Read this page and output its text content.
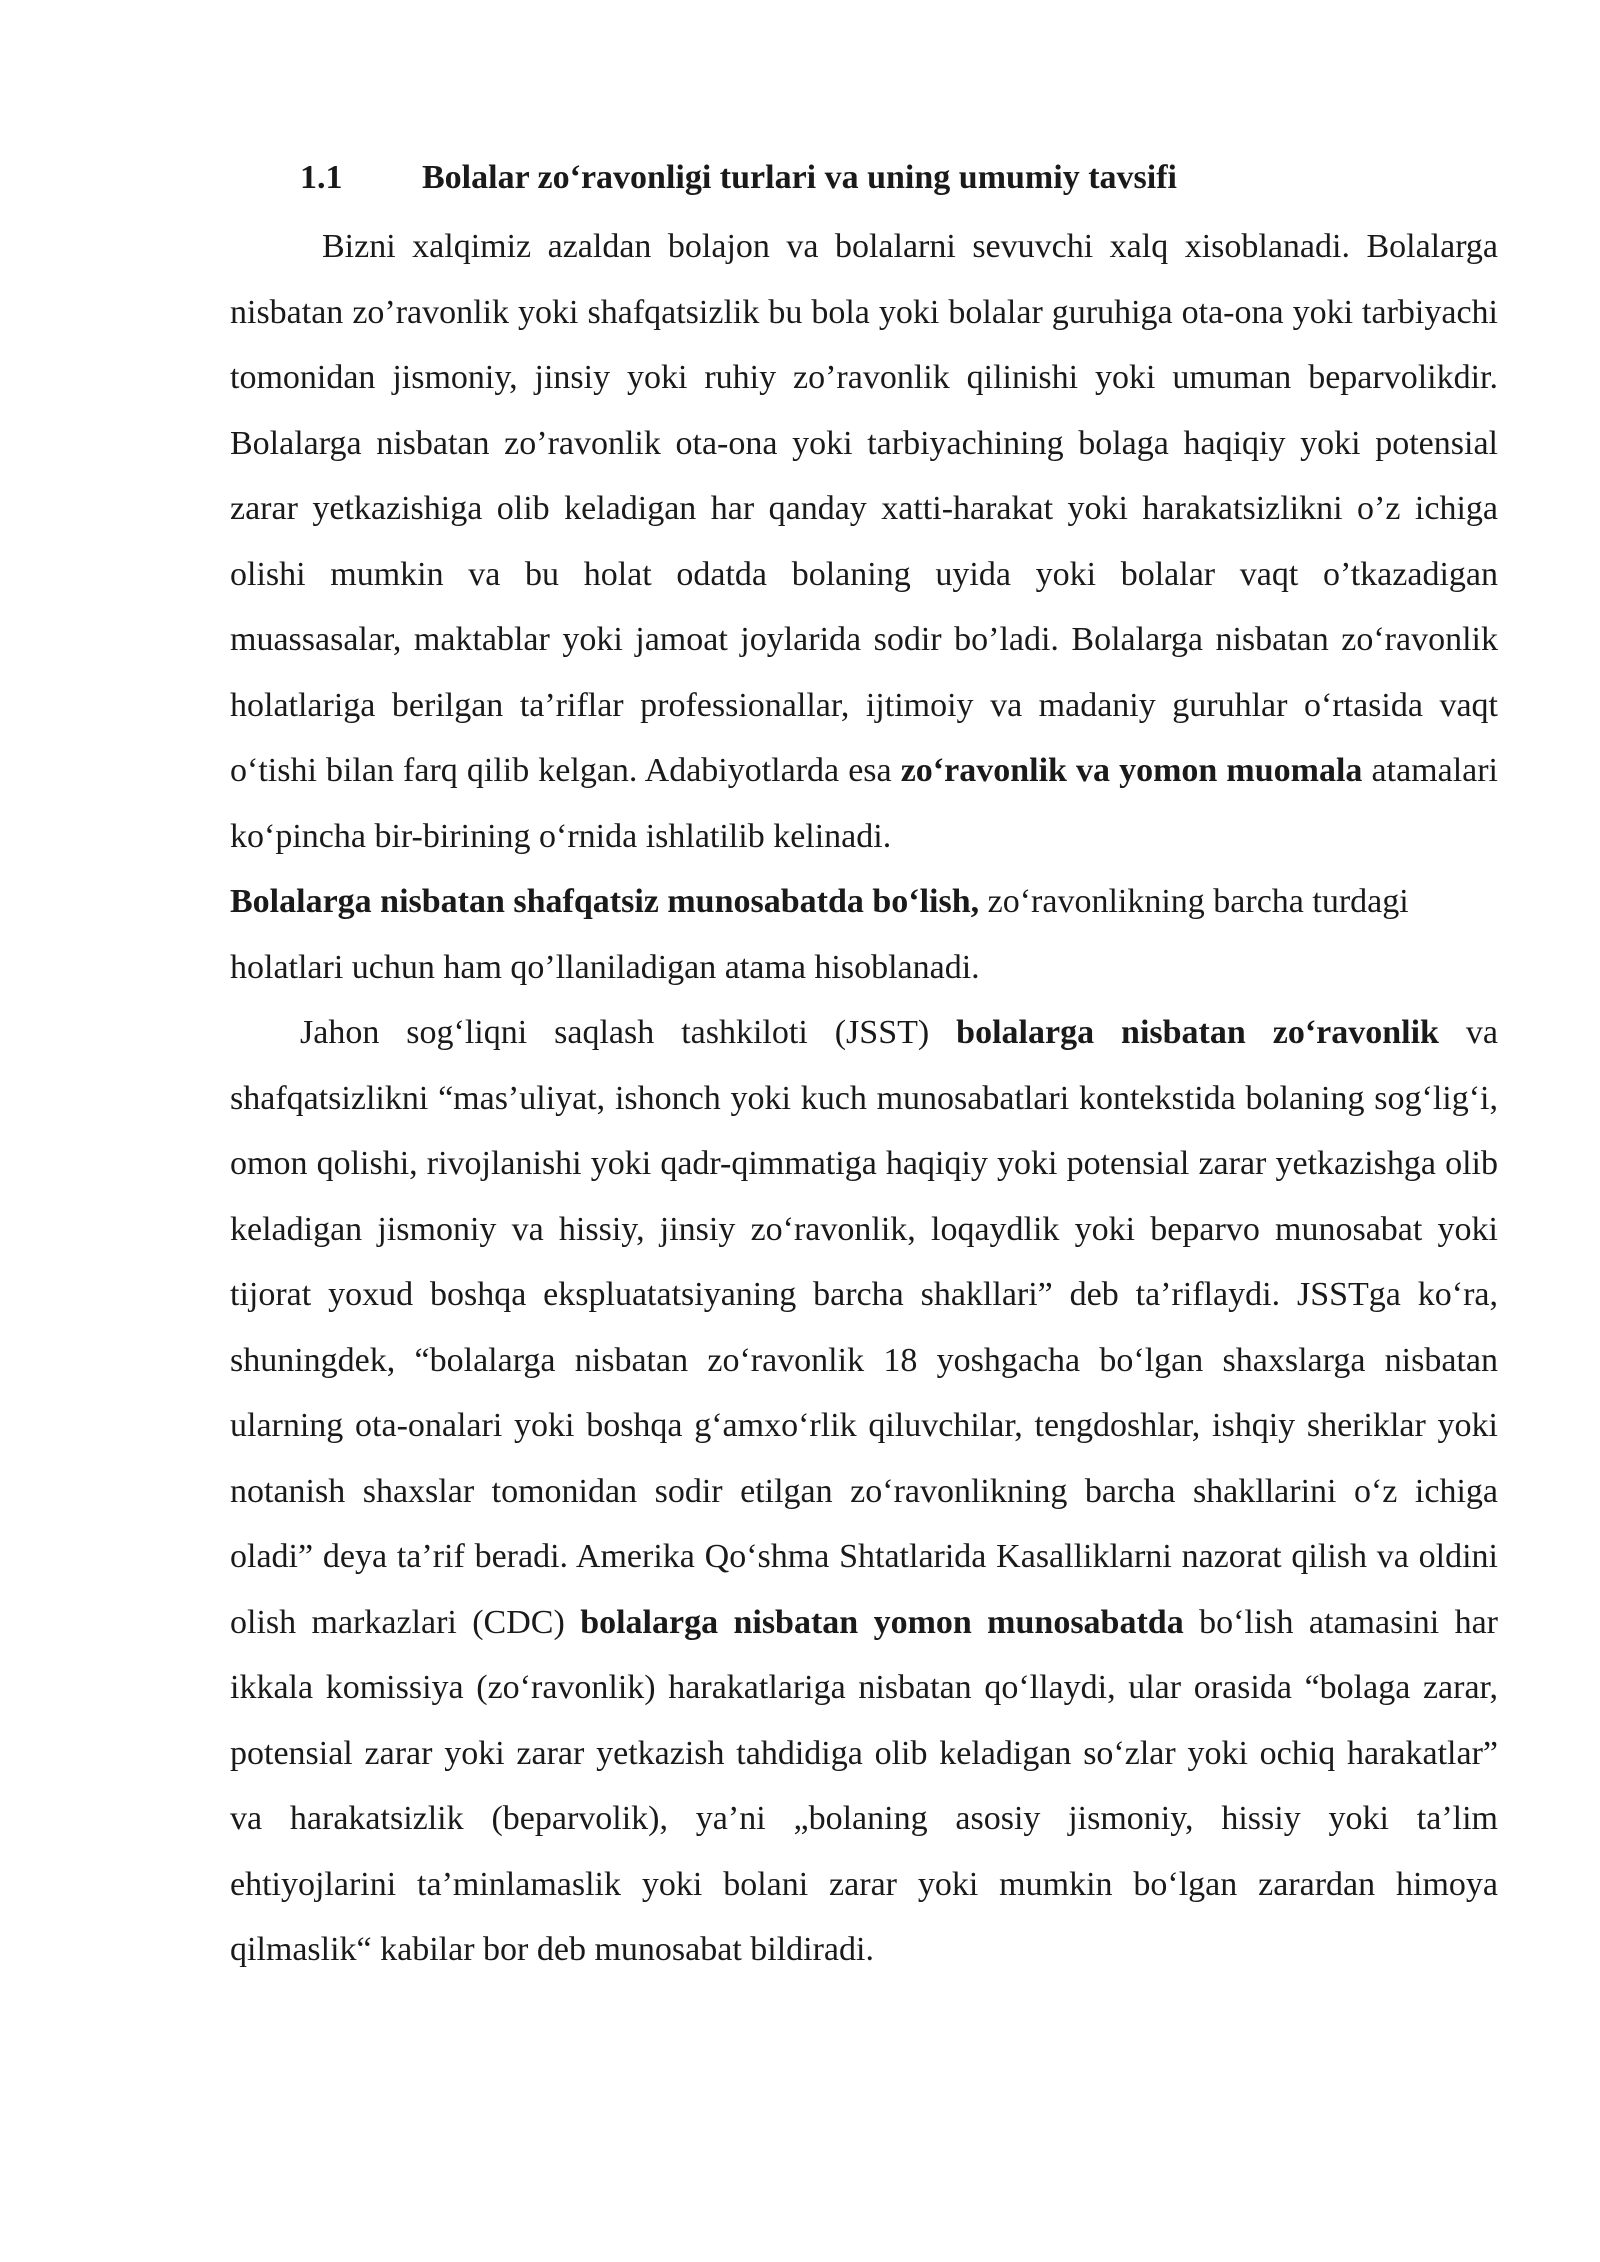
1.1 Bolalar zo‘ravonligi turlari va uning umumiy tavsifi

Bizni xalqimiz azaldan bolajon va bolalarni sevuvchi xalq xisoblanadi. Bolalarga nisbatan zo’ravonlik yoki shafqatsizlik bu bola yoki bolalar guruhiga ota-ona yoki tarbiyachi tomonidan jismoniy, jinsiy yoki ruhiy zo’ravonlik qilinishi yoki umuman beparvolikdir. Bolalarga nisbatan zo’ravonlik ota-ona yoki tarbiyachining bolaga haqiqiy yoki potensial zarar yetkazishiga olib keladigan har qanday xatti-harakat yoki harakatsizlikni o’z ichiga olishi mumkin va bu holat odatda bolaning uyida yoki bolalar vaqt o’tkazadigan muassasalar, maktablar yoki jamoat joylarida sodir bo’ladi. Bolalarga nisbatan zo‘ravonlik holatlariga berilgan ta’riflar professionallar, ijtimoiy va madaniy guruhlar o‘rtasida vaqt o‘tishi bilan farq qilib kelgan. Adabiyotlarda esa zo‘ravonlik va yomon muomala atamalari ko‘pincha bir-birining o‘rnida ishlatilib kelinadi.

Bolalarga nisbatan shafqatsiz munosabatda bo‘lish, zo‘ravonlikning barcha turdagi holatlari uchun ham qo’llaniladigan atama hisoblanadi.

Jahon sog‘liqni saqlash tashkiloti (JSST) bolalarga nisbatan zo‘ravonlik va shafqatsizlikni “mas’uliyat, ishonch yoki kuch munosabatlari kontekstida bolaning sog‘lig‘i, omon qolishi, rivojlanishi yoki qadr-qimmatiga haqiqiy yoki potensial zarar yetkazishga olib keladigan jismoniy va hissiy, jinsiy zo‘ravonlik, loqaydlik yoki beparvo munosabat yoki tijorat yoxud boshqa ekspluatatsiyaning barcha shakllari” deb ta’riflaydi. JSSTga ko‘ra, shuningdek, “bolalarga nisbatan zo‘ravonlik 18 yoshgacha bo‘lgan shaxslarga nisbatan ularning ota-onalari yoki boshqa g‘amxo‘rlik qiluvchilar, tengdoshlar, ishqiy sheriklar yoki notanish shaxslar tomonidan sodir etilgan zo‘ravonlikning barcha shakllarini o‘z ichiga oladi” deya ta’rif beradi. Amerika Qo‘shma Shtatlarida Kasalliklarni nazorat qilish va oldini olish markazlari (CDC) bolalarga nisbatan yomon munosabatda bo‘lish atamasini har ikkala komissiya (zo‘ravonlik) harakatlariga nisbatan qo‘llaydi, ular orasida “bolaga zarar, potensial zarar yoki zarar yetkazish tahdidiga olib keladigan so‘zlar yoki ochiq harakatlar” va harakatsizlik (beparvolik), ya’ni „bolaning asosiy jismoniy, hissiy yoki ta’lim ehtiyojlarini ta’minlamaslik yoki bolani zarar yoki mumkin bo‘lgan zarardan himoya qilmaslik“ kabilar bor deb munosabat bildiradi.
